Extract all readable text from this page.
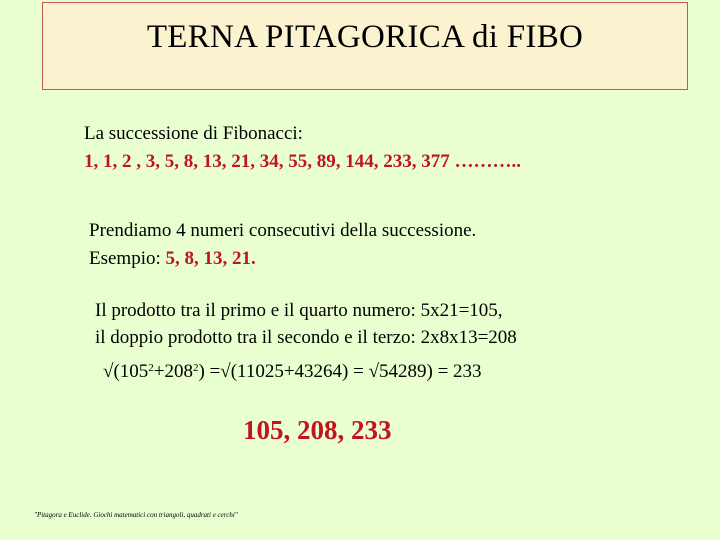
TERNA PITAGORICA di FIBO
La successione di Fibonacci:
1, 1, 2 , 3, 5, 8, 13, 21, 34, 55, 89, 144, 233, 377 ………..
Prendiamo 4 numeri consecutivi della successione.
Esempio: 5, 8, 13, 21.
Il prodotto tra il primo e il quarto numero: 5x21=105,
il doppio prodotto tra il secondo e il terzo: 2x8x13=208
$√(105^2+208^2) =√(11025+43264) = √54289) = 233$
105, 208, 233
"Pitagora e Euclide. Giochi matematici con triangoli, quadrati e cerchi"
